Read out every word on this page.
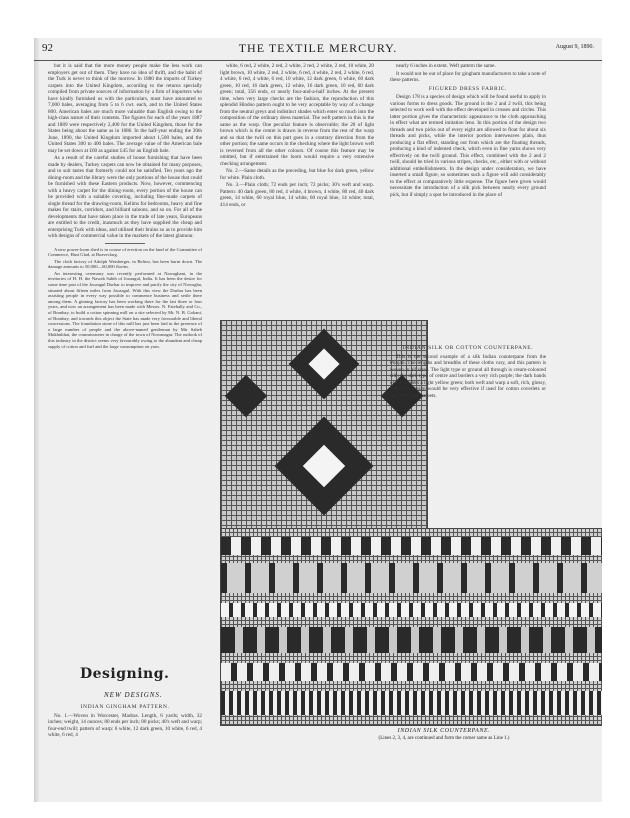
92	THE TEXTILE MERCURY.	August 9, 1890.

but it is said that the more money people make the less work can employers get out of them. They have no idea of thrift, and the habit of the Turk is never to think of the morrow. In 1880 the imports of Turkey carpets into the United Kingdom, according to the returns specially compiled from private sources of information by a firm of importers who have kindly furnished us with the particulars, must have amounted to 7,000 bales, averaging from 5 to 6 cwt. each, and to the United States 800. American bales are much more valuable than English owing to the high-class nature of their contents. The figures for each of the years 1887 and 1889 were respectively 2,400 for the United Kingdom, those for the States being about the same as in 1886. In the half-year ending the 30th June, 1890, the United Kingdom imported about 1,500 bales, and the United States 300 to 400 bales. The average value of the American bale may be set down at £60 as against £45 for an English bale.

As a result of the careful studies of house furnishing that have been made by dealers, Turkey carpets can now be obtained for many purposes, and to suit tastes that formerly could not be satisfied. Ten years ago the dining-room and the library were the only portions of the house that could be furnished with these Eastern products. Now, however, commencing with a heavy carpet for the dining-room, every portion of the house can be provided with a suitable covering, including fine-made carpets of single thread for the drawing-room, Kelims for bedrooms, heavy and fine makes for stairs, corridors, and billiard saloons, and so on. For all of the developments that have taken place in the trade of late years, Europeans are entitled to the credit, inasmuch as they have supplied the cheap and enterprising Turk with ideas, and utilised their brains so as to provide him with designs of commercial value in the markets of the latest glamour.

A new power-loom shed is in course of erection on the land of the Committee of Commerce, Hust Glad, at Boaveclarg.

The cloth factory of Adolph Weisberger, in Beltou, has been burnt down. The damage amounts to 50,000—60,000 florins.

An interesting ceremony was recently performed at Nawaghani, in the territories of H. H. the Nawab Sahib of Jooaagul, India. It has been the desire for some time past of the Jooaagul Durbar to improve and purify the city of Nowagha, situated about fifteen miles from Jooaagul. With this view the Durbar has been assisting people in every way possible to commence business and settle there among them. A ginning factory has been working there for the last three or four years, and now an arrangement has been made with Messrs. N. Fatehally and Co., of Bombay, to build a cotton spinning mill on a site selected by Mr. N. B. Gokani, of Bombay, and towards this object the State has made very favourable and liberal concessions. The foundation stone of this mill has just been laid in the presence of a large number of people and the above-named gentleman by Mir Saheb Mukhubhai, the commissioner in charge of the town of Nowanagar. The outlook of this industry in the district seems very favourably owing to the abundant and cheap supply of cotton and fuel and the large consumption on yarn.

Designing.
NEW DESIGNS.

INDIAN GINGHAM PATTERN.

No. 1.—Woven in Worcester, Madras. Length, 6 yards; width, 32 inches; weight, 14 ounces; 80 ends per inch; 80 picks; 40's weft and warp; four-end twill; pattern of warp: 6 white, 12 dark green, 10 white, 6 red, 4 white, 6 red, 4

white, 6 red, 2 white, 2 red, 2 white, 2 red, 2 white, 2 red, 10 white, 20 light brown, 10 white, 2 red, 2 white, 6 red, 4 white, 2 red, 2 white, 6 red, 4 white, 6 red, 4 white, 6 red, 10 white, 12 dark green, 6 white, 60 dark green, 10 red, 16 dark green, 12 white, 16 dark green, 10 red, 60 dark green; total, 356 ends, or nearly four-and-a-half inches. At the present time, when very large checks are the fashion, the reproduction of this splendid Hindoo pattern ought to be very acceptable by way of a change from the neutral greys and indistinct shades which enter so much into the composition of the ordinary dress material. The weft pattern in this is the same as the warp. One peculiar feature is observable; the 20 of light brown which is the centre is drawn in reverse from the rest of the warp and so that the twill on this part goes in a contrary direction from the other portion; the same occurs in the checking where the light brown weft is reversed from all the other colours. Of course this feature may be omitted, but if entertained the loom would require a very extensive checking arrangement.

No. 2.—Same details as the preceding, but blue for dark green, yellow for white. Plain cloth.

No. 3.—Plain cloth; 72 ends per inch; 72 picks; 30's weft and warp. Pattern: 40 dark green, 80 red, 4 white, 4 brown, 4 white, 80 red, 40 dark green, 14 white, 60 royal blue, 14 white, 60 royal blue, 14 white; total, 414 ends, or

nearly 6 inches in extent. Weft pattern the same.

It would not be out of place for gingham manufacturers to take a note of these patterns.

FIGURED DRESS FABRIC.

Design 178 is a species of design which will be found useful to apply in various forms to dress goods. The ground is the 2 and 2 twill, this being selected to work well with the effect developed in crosses and circles. This latter portion gives the characteristic appearance to the cloth approaching in effect what are termed imitation leno. In this portion of the design two threads and two picks out of every eight are allowed to float for about six threads and picks, while the interior portion interweaves plain, thus producing a flat effect, standing out from which are the floating threads, producing a kind of indented check, which even in fine yarns shows very effectively on the twill ground. This effect, combined with the 2 and 2 twill, should be tried in various stripes, checks, etc., either with or without additional embellishments. In the design under consideration, we have inserted a small figure, so sometimes such a figure will add considerably to the effect at comparatively little expense. The figure here given would necessitate the introduction of a silk pick between nearly every ground pick, but if simply a spot be introduced in the place of

INDIAN SILK OR COTTON COUNTERPANE.

This is the second example of a silk Indian counterpane from the Punjab. The lengths and breadths of these cloths vary, and this pattern is woven in all sizes. The light type or ground all through is cream-coloured silk; the dark type of centre and borders a very rich purple; the dark bands of the borders a light yellow green; both weft and warp a soft, rich, glossy, silk. This design would be very effective if used for cotton coverlets or rugs and chair carpets.

INDIAN SILK COUNTERPANE.
(Lines 2, 3, 4, are continued and form the corner same as Line 1.)
